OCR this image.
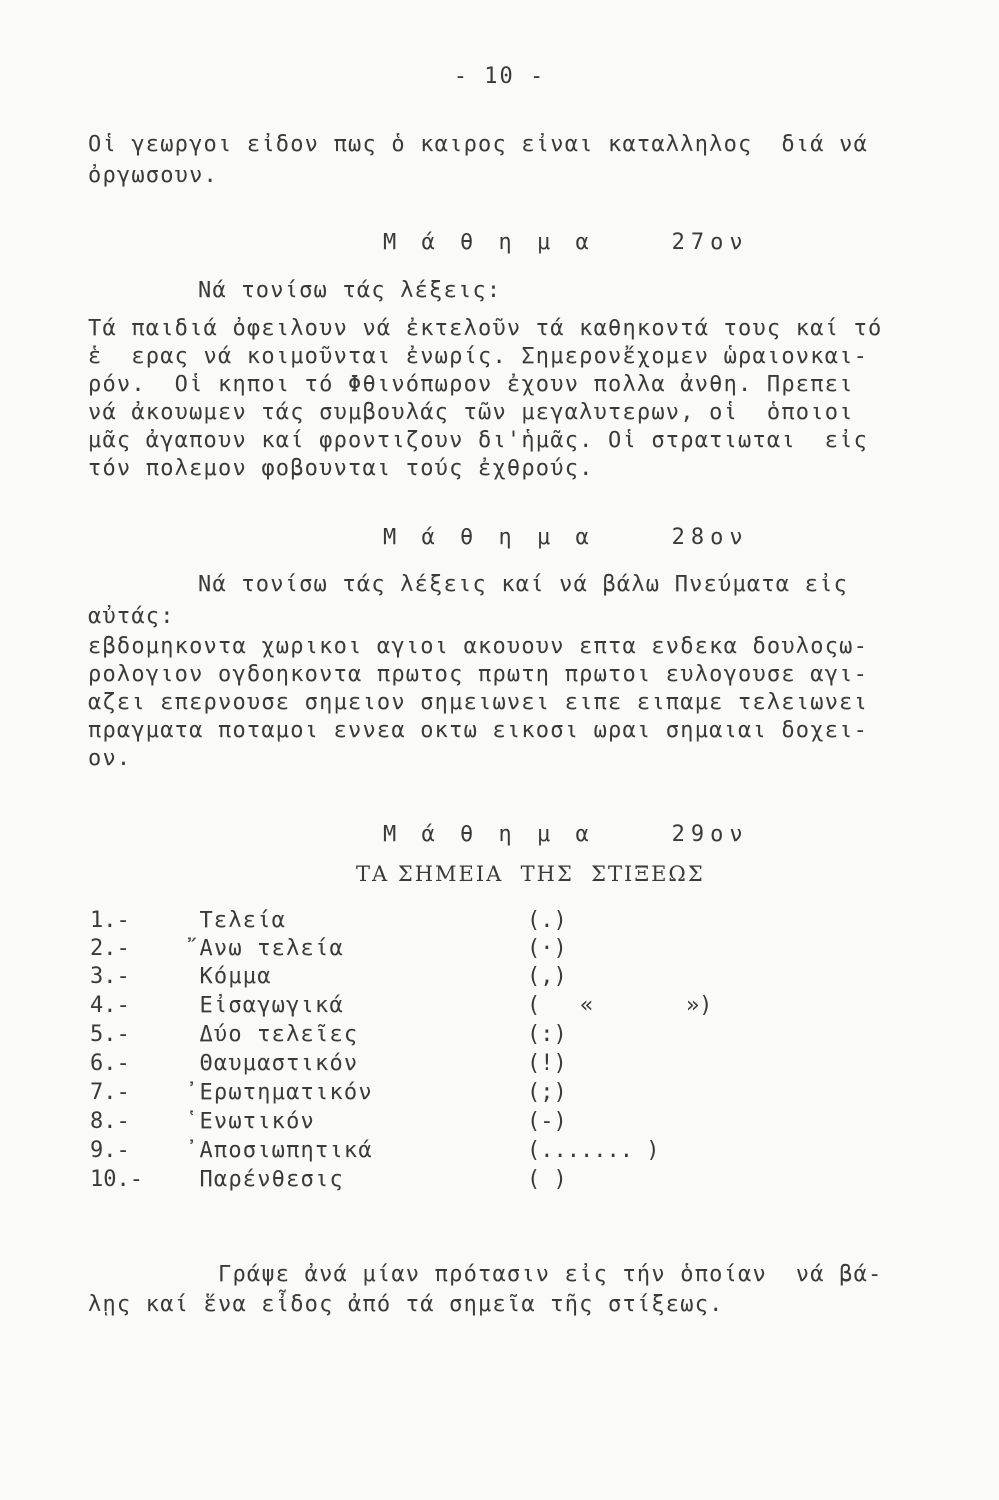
- 10 -
Οἱ γεωργοι εἰδον πως ὁ καιρος εἰναι καταλληλος  διά νά
ὀργωσουν.
Μ ά θ η μ α    27ον
Νά τονίσω τάς λέξεις:
Τά παιδιά ὀφειλουν νά ἐκτελοῦν τά καθηκοντά τους καί τό
ἑ  ερας νά κοιμοῦνται ἐνωρίς. Σημερονἔχομεν ὡραιονκαι-
ρόν.  Οἱ κηποι τό Φθινόπωρον ἐχουν πολλα ἀνθη. Πρεπει
νά ἀκουωμεν τάς συμβουλάς τῶν μεγαλυτερων, οἱ  ὁποιοι
μᾶς ἀγαπουν καί φροντιζουν δι'ἡμᾶς. Οἱ στρατιωται  εἰς
τόν πολεμον φοβουνται τούς ἐχθρούς.
Μ ά θ η μ α    28ον
Νά τονίσω τάς λέξεις καί νά βάλω Πνεύματα εἰς
αὐτάς:
εβδομηκοντα χωρικοι αγιοι ακουουν επτα ενδεκα δουλοςω-
ρολογιον ογδοηκοντα πρωτος πρωτη πρωτοι ευλογουσε αγι-
αζει επερνουσε σημειον σημειωνει ειπε ειπαμε τελειωνει
πραγματα ποταμοι εννεα οκτω εικοσι ωραι σημαιαι δοχει-
ον.
Μ ά θ η μ α    29ον
ΤΑ ΣΗΜΕΙΑ  ΤΗΣ  ΣΤΙΞΕΩΣ
1.-	Τελεία	(.)
2.-	῎Ανω τελεία	(·)
3.-	Κόμμα	(,)
4.-	Εἰσαγωγικά	(   «       »)
5.-	Δύο τελεῖες	(:)
6.-	Θαυμαστικόν	(!)
7.-	᾽Ερωτηματικόν	(;)
8.-	῾Ενωτικόν	(-)
9.-	᾽Αποσιωπητικά	(....... )
10.- Παρένθεσις	( )
Γράψε ἀνά μίαν πρότασιν εἰς τήν ὁποίαν  νά βά-
λῃς καί ἕνα εἶδος ἀπό τά σημεῖα τῆς στίξεως.
